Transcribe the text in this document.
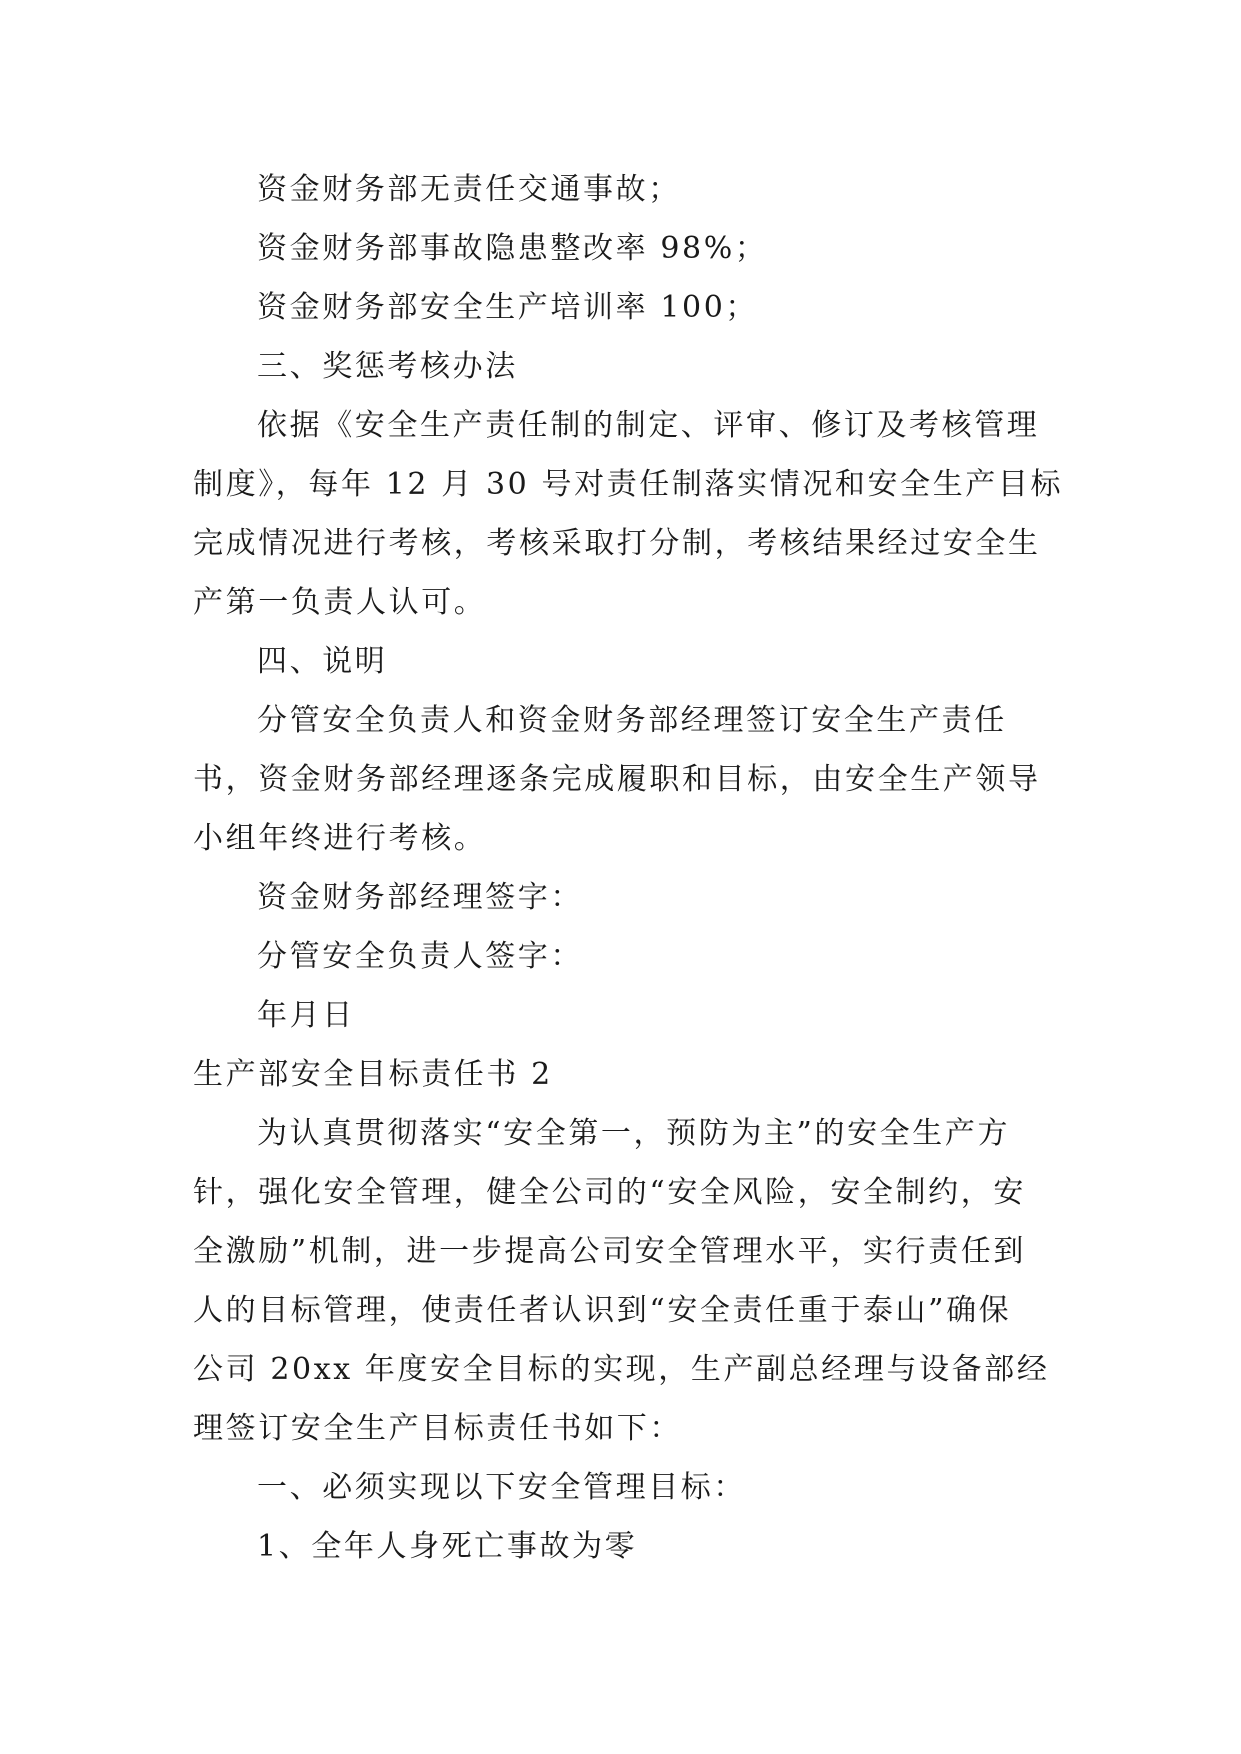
资金财务部无责任交通事故；
资金财务部事故隐患整改率 98%；
资金财务部安全生产培训率 100；
三、奖惩考核办法
依据《安全生产责任制的制定、评审、修订及考核管理
制度》，每年 12 月 30 号对责任制落实情况和安全生产目标
完成情况进行考核，考核采取打分制，考核结果经过安全生
产第一负责人认可。
四、说明
分管安全负责人和资金财务部经理签订安全生产责任
书，资金财务部经理逐条完成履职和目标，由安全生产领导
小组年终进行考核。
资金财务部经理签字：
分管安全负责人签字：
年月日
生产部安全目标责任书 2
为认真贯彻落实“安全第一，预防为主”的安全生产方
针，强化安全管理，健全公司的“安全风险，安全制约，安
全激励”机制，进一步提高公司安全管理水平，实行责任到
人的目标管理，使责任者认识到“安全责任重于泰山”确保
公司 20xx 年度安全目标的实现，生产副总经理与设备部经
理签订安全生产目标责任书如下：
一、必须实现以下安全管理目标：
1、全年人身死亡事故为零
